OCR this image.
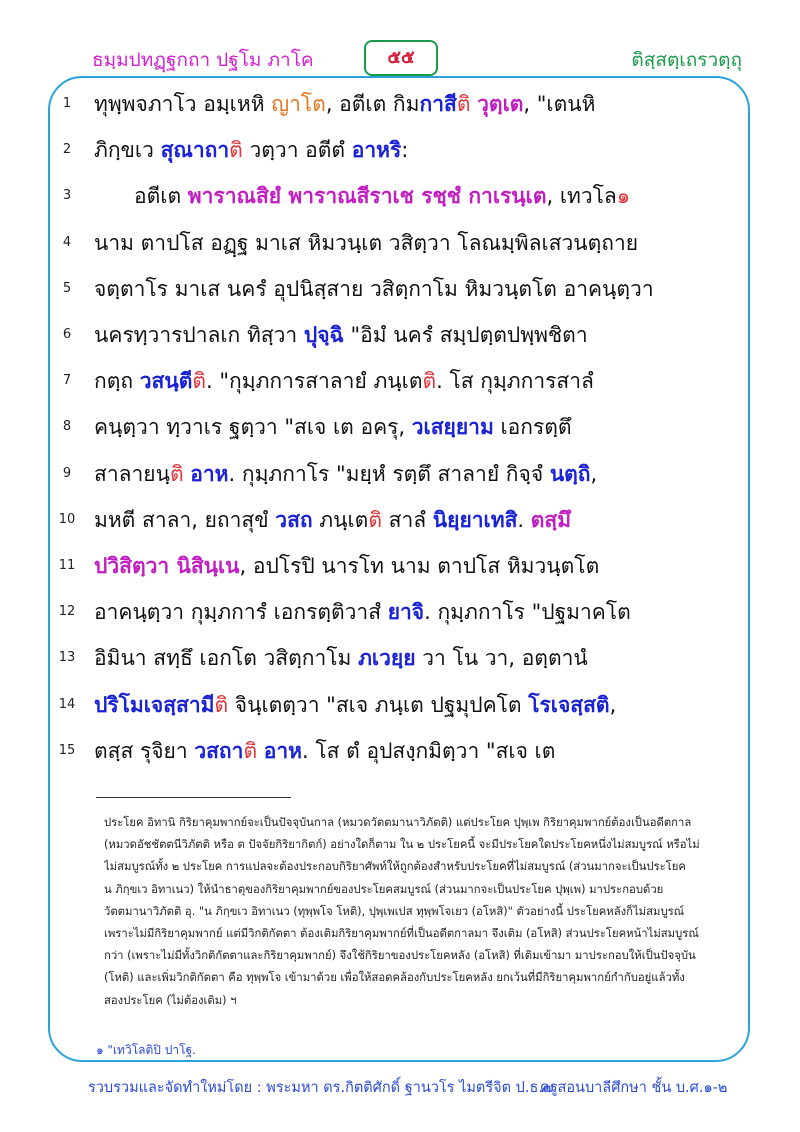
ธมฺมปทฏฺฐกถา ปฐโม ภาโค	๕๕	ติสฺสตฺเถรวตฺถุ
1	ทุพฺพจภาโว อมฺเหหิ ญาโต, อตีเต กิมกาสีติ วุตฺเต, "เตนหิ
2	ภิกฺขเว สุณาถาติ วตฺวา อตีตํ อาหริ:
3	อตีเต พาราณสิยํ พาราณสีราเช รชฺชํ กาเรนฺเต, เทวโล๑
4	นาม ตาปโส อฏฺฐ มาเส หิมวนฺเต วสิตฺวา โลณมฺพิลเสวนตฺถาย
5	จตฺตาโร มาเส นครํ อุปนิสฺสาย วสิตฺกาโม หิมวนฺตโต อาคนฺตฺวา
6	นครทฺวารปาลเก ทิสฺวา ปุจฺฉิ "อิมํ นครํ สมฺปตฺตปพฺพชิตา
7	กตฺถ วสนฺตีติ. "กุมฺภการสาลายํ ภนฺเตติ. โส กุมฺภการสาลํ
8	คนฺตฺวา ทฺวาเร ฐตฺวา "สเจ เต อครุ, วเสยฺยาม เอกรตฺตึ
9	สาลายนฺติ อาห. กุมฺภกาโร "มยฺหํ รตฺตึ สาลายํ กิจฺจํ นตฺถิ,
10 มหตี สาลา, ยถาสุขํ วสถ ภนฺเตติ สาลํ นิยฺยาเทสิ. ตสฺมึ
11 ปวิสิตฺวา นิสินฺเน, อปโรปิ นารโท นาม ตาปโส หิมวนฺตโต
12 อาคนฺตฺวา กุมฺภการํ เอกรตฺติวาสํ ยาจิ. กุมฺภกาโร "ปฐมาคโต
13 อิมินา สทฺธึ เอกโต วสิตฺกาโม ภเวยฺย วา โน วา, อตฺตานํ
14 ปริโมเจสฺสามีติ จินฺเตตฺวา "สเจ ภนฺเต ปฐมุปคโต โรเจสฺสติ,
15 ตสฺส รุจิยา วสถาติ อาห. โส ตํ อุปสงฺกมิตฺวา "สเจ เต

ประโยค อิทานิ กิริยาคุมพากย์จะเป็นปัจจุบันกาล (หมวดวัตตมานาวิภัตติ) แต่ประโยค ปุพฺเพ กิริยาคุมพากย์ต้องเป็นอดีตกาล

(หมวดอัชชัตตนีวิภัตติ หรือ ต ปัจจัยกิริยากิตก์) อย่างใดก็ตาม ใน ๒ ประโยคนี้ จะมีประโยคใดประโยคหนึ่งไม่สมบูรณ์ หรือไม่

ไม่สมบูรณ์ทั้ง ๒ ประโยค การแปลจะต้องประกอบกิริยาศัพท์ให้ถูกต้องสำหรับประโยคที่ไม่สมบูรณ์ (ส่วนมากจะเป็นประโยค

น ภิกฺขเว อิทาเนว) ให้นำธาตุของกิริยาคุมพากย์ของประโยคสมบูรณ์ (ส่วนมากจะเป็นประโยค ปุพฺเพ) มาประกอบด้วย

วัตตมานาวิภัตติ อุ. "น ภิกฺขเว อิทาเนว (ทุพฺพโจ โหติ), ปุพฺเพเปส ทุพฺพโจเยว (อโหสิ)" ตัวอย่างนี้ ประโยคหลังก็ไม่สมบูรณ์

เพราะไม่มีกิริยาคุมพากย์ แต่มีวิกติกัตตา ต้องเติมกิริยาคุมพากย์ที่เป็นอดีตกาลมา จึงเติม (อโหสิ) ส่วนประโยคหน้าไม่สมบูรณ์

กว่า (เพราะไม่มีทั้งวิกติกัตตาและกิริยาคุมพากย์) จึงใช้กิริยาของประโยคหลัง (อโหสิ) ที่เติมเข้ามา มาประกอบให้เป็นปัจจุบัน

(โหติ) และเพิ่มวิกติกัตตา คือ ทุพฺพโจ เข้ามาด้วย เพื่อให้สอดคล้องกับประโยคหลัง ยกเว้นที่มีกิริยาคุมพากย์กำกับอยู่แล้วทั้ง

สองประโยค (ไม่ต้องเติม) ฯ

๑ "เทวิโลติปิ ปาโฐ.
รวบรวมและจัดทำใหม่โดย : พระมหา ดร.กิตติศักดิ์ ฐานวโร ไมตรีจิต ป.ธ.๗
ครูสอนบาลีศึกษา ชั้น บ.ศ.๑-๒
